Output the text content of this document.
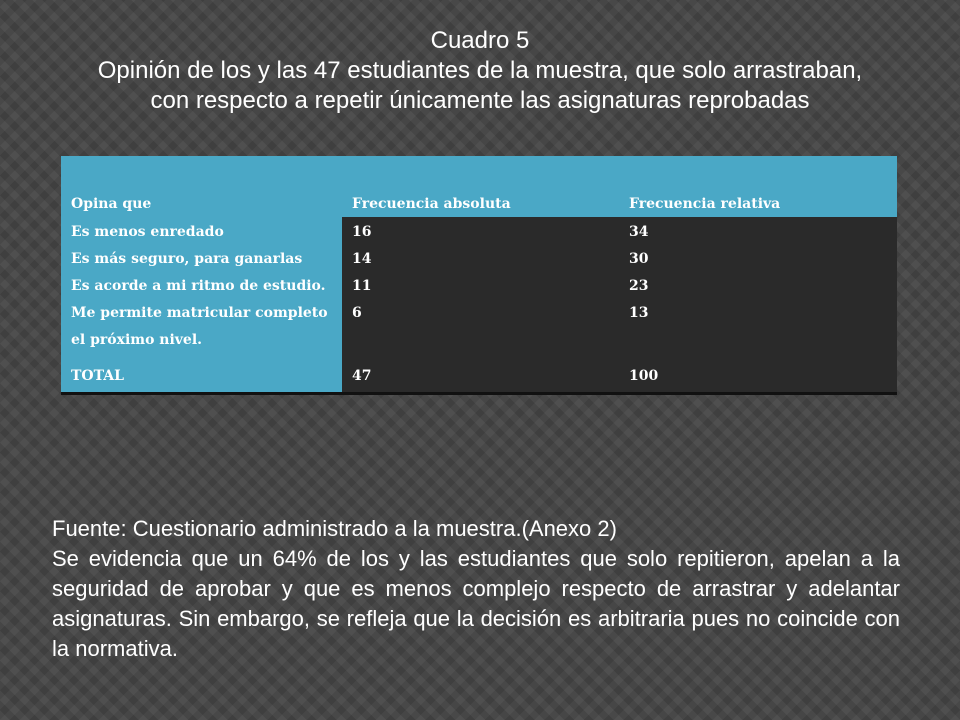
Cuadro 5
Opinión de los y las 47 estudiantes de la muestra, que solo arrastraban,
con respecto a repetir únicamente las asignaturas reprobadas
Opina que	Frecuencia absoluta	Frecuencia relativa
Es menos enredado	16	34
Es más seguro, para ganarlas	14	30
Es acorde a mi ritmo de estudio.	11	23
Me permite matricular completo el próximo nivel.	6	13
TOTAL	47	100

Fuente: Cuestionario administrado a la muestra.(Anexo 2)

Se evidencia que un 64% de los y las estudiantes que solo repitieron, apelan a la seguridad de aprobar y que es menos complejo respecto de arrastrar y adelantar asignaturas. Sin embargo, se refleja que la decisión es arbitraria pues no coincide con la normativa.
